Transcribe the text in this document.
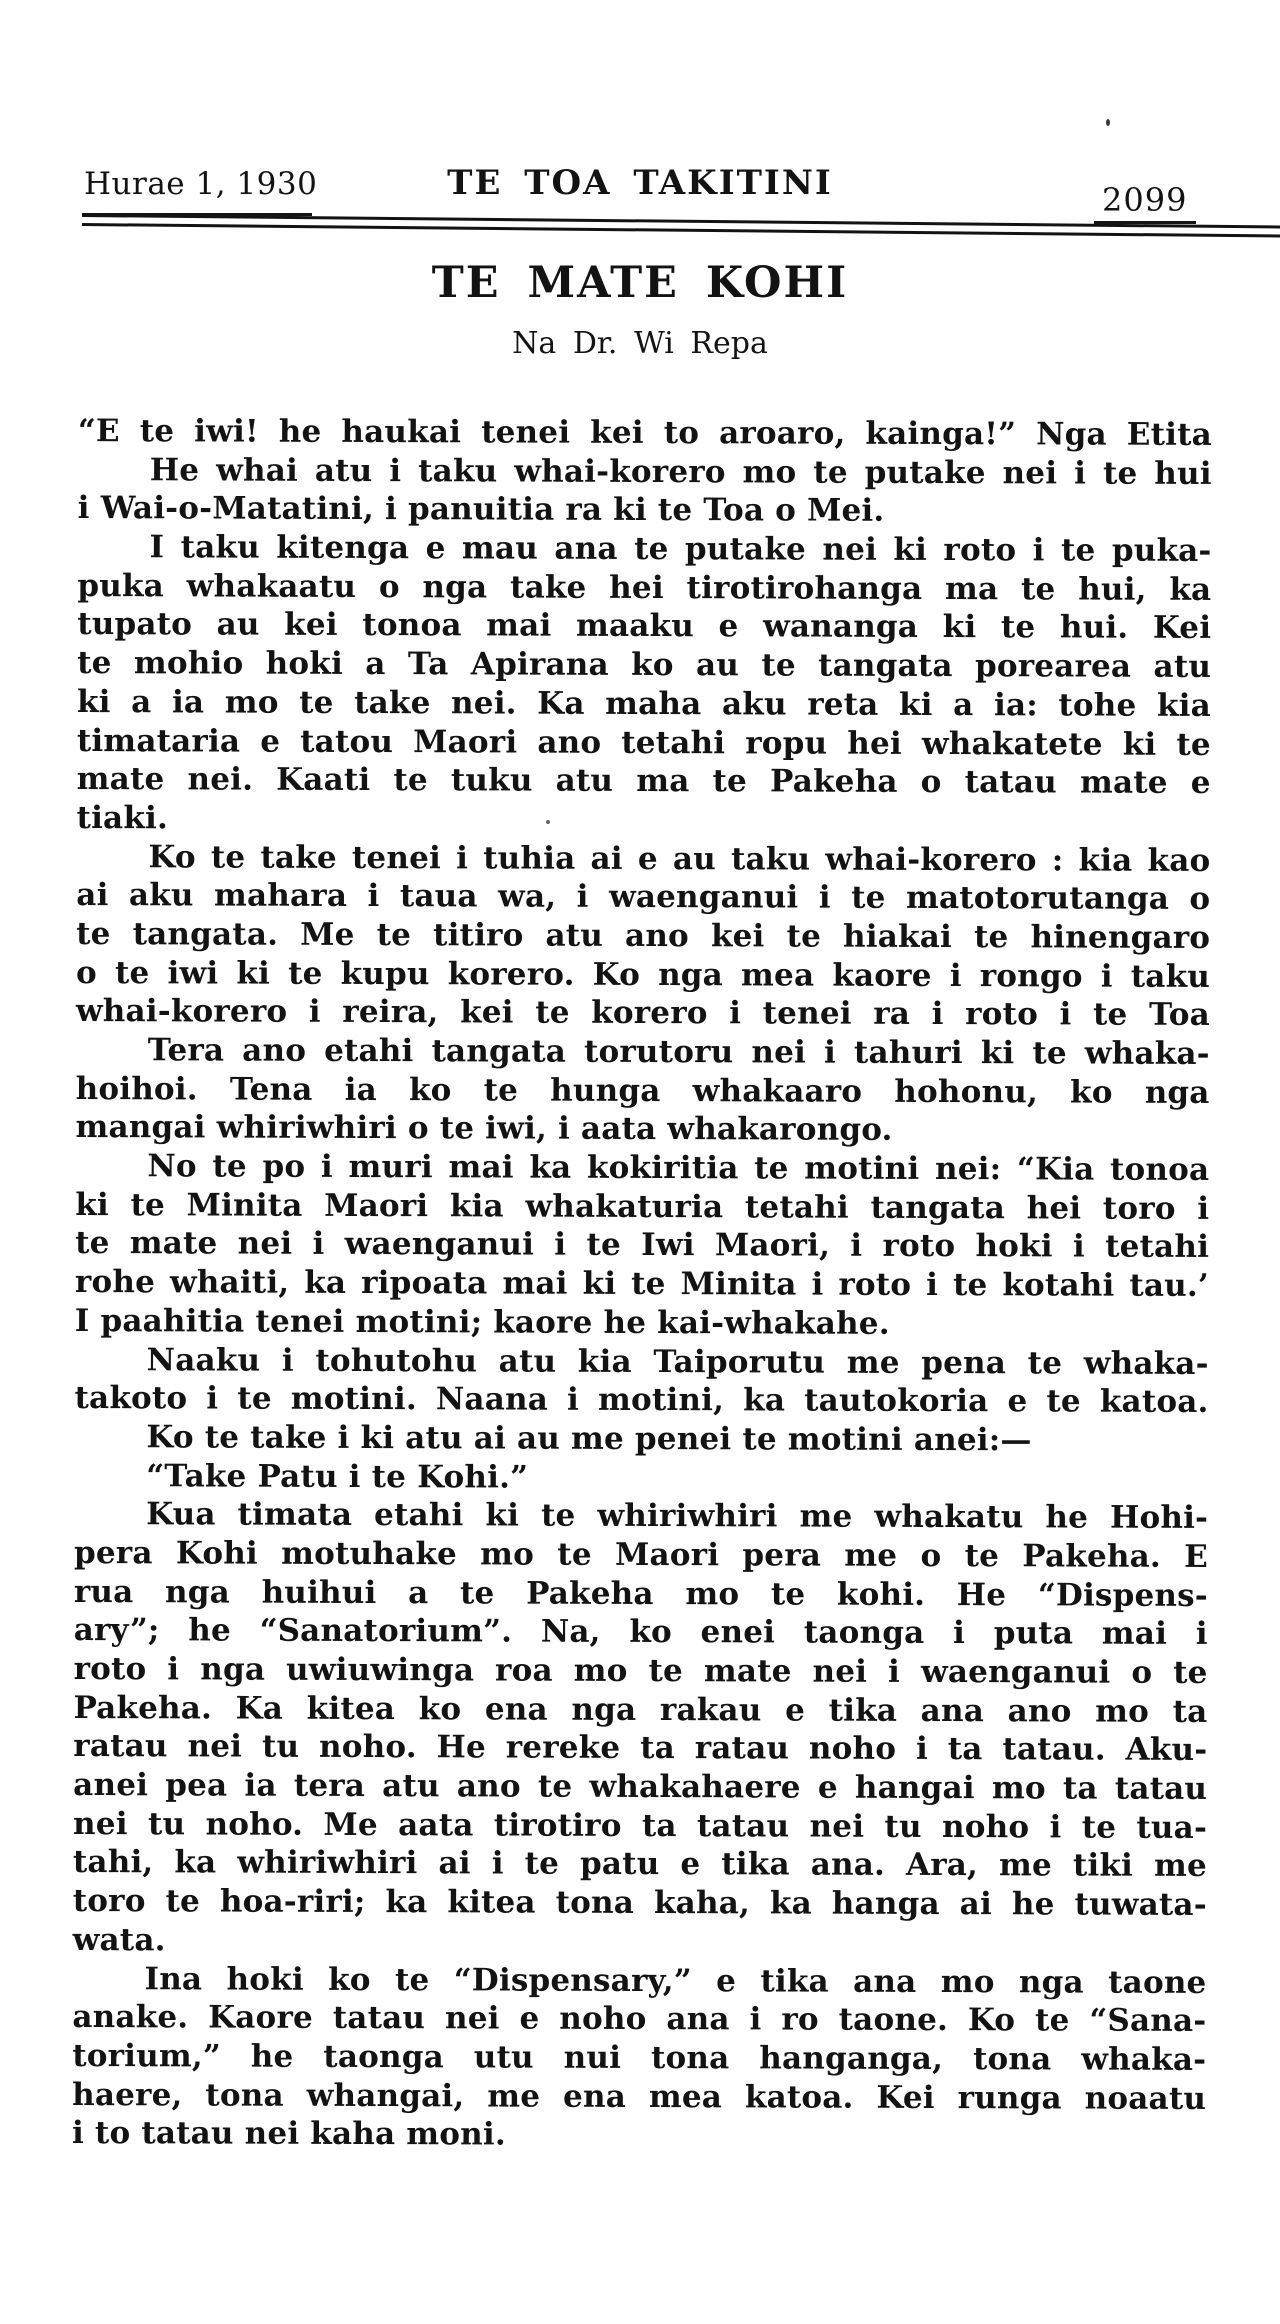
Hurae 1, 1930	TE TOA TAKITINI	2099
TE MATE KOHI
Na Dr. Wi Repa
“E te iwi! he haukai tenei kei to aroaro, kainga!” Nga Etita
He whai atu i taku whai-korero mo te putake nei i te hui
i Wai-o-Matatini, i panuitia ra ki te Toa o Mei.
I taku kitenga e mau ana te putake nei ki roto i te puka-
puka whakaatu o nga take hei tirotirohanga ma te hui, ka
tupato au kei tonoa mai maaku e wananga ki te hui. Kei
te mohio hoki a Ta Apirana ko au te tangata porearea atu
ki a ia mo te take nei. Ka maha aku reta ki a ia: tohe kia
timataria e tatou Maori ano tetahi ropu hei whakatete ki te
mate nei. Kaati te tuku atu ma te Pakeha o tatau mate e
tiaki.
Ko te take tenei i tuhia ai e au taku whai-korero : kia kao
ai aku mahara i taua wa, i waenganui i te matotorutanga o
te tangata. Me te titiro atu ano kei te hiakai te hinengaro
o te iwi ki te kupu korero. Ko nga mea kaore i rongo i taku
whai-korero i reira, kei te korero i tenei ra i roto i te Toa
Tera ano etahi tangata torutoru nei i tahuri ki te whaka-
hoihoi. Tena ia ko te hunga whakaaro hohonu, ko nga
mangai whiriwhiri o te iwi, i aata whakarongo.
No te po i muri mai ka kokiritia te motini nei: “Kia tonoa
ki te Minita Maori kia whakaturia tetahi tangata hei toro i
te mate nei i waenganui i te Iwi Maori, i roto hoki i tetahi
rohe whaiti, ka ripoata mai ki te Minita i roto i te kotahi tau.’
I paahitia tenei motini; kaore he kai-whakahe.
Naaku i tohutohu atu kia Taiporutu me pena te whaka-
takoto i te motini. Naana i motini, ka tautokoria e te katoa.
Ko te take i ki atu ai au me penei te motini anei:—
“Take Patu i te Kohi.”
Kua timata etahi ki te whiriwhiri me whakatu he Hohi-
pera Kohi motuhake mo te Maori pera me o te Pakeha. E
rua nga huihui a te Pakeha mo te kohi. He “Dispens-
ary”; he “Sanatorium”. Na, ko enei taonga i puta mai i
roto i nga uwiuwinga roa mo te mate nei i waenganui o te
Pakeha. Ka kitea ko ena nga rakau e tika ana ano mo ta
ratau nei tu noho. He rereke ta ratau noho i ta tatau. Aku-
anei pea ia tera atu ano te whakahaere e hangai mo ta tatau
nei tu noho. Me aata tirotiro ta tatau nei tu noho i te tua-
tahi, ka whiriwhiri ai i te patu e tika ana. Ara, me tiki me
toro te hoa-riri; ka kitea tona kaha, ka hanga ai he tuwata-
wata.
Ina hoki ko te “Dispensary,” e tika ana mo nga taone
anake. Kaore tatau nei e noho ana i ro taone. Ko te “Sana-
torium,” he taonga utu nui tona hanganga, tona whaka-
haere, tona whangai, me ena mea katoa. Kei runga noaatu
i to tatau nei kaha moni.
